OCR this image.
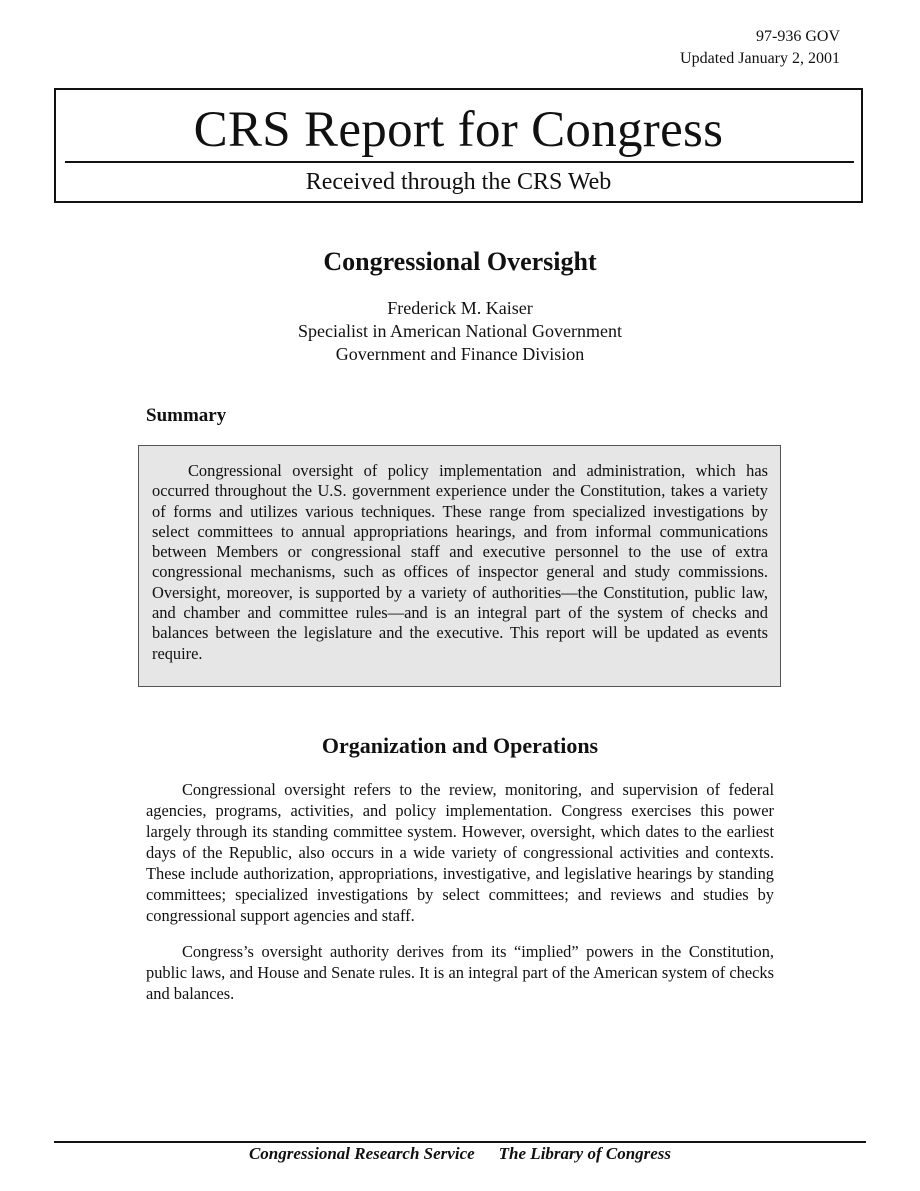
97-936 GOV
Updated January 2, 2001
CRS Report for Congress
Received through the CRS Web
Congressional Oversight
Frederick M. Kaiser
Specialist in American National Government
Government and Finance Division
Summary

Congressional oversight of policy implementation and administration, which has occurred throughout the U.S. government experience under the Constitution, takes a variety of forms and utilizes various techniques. These range from specialized investigations by select committees to annual appropriations hearings, and from informal communications between Members or congressional staff and executive personnel to the use of extra congressional mechanisms, such as offices of inspector general and study commissions. Oversight, moreover, is supported by a variety of authorities—the Constitution, public law, and chamber and committee rules—and is an integral part of the system of checks and balances between the legislature and the executive. This report will be updated as events require.

Organization and Operations

Congressional oversight refers to the review, monitoring, and supervision of federal agencies, programs, activities, and policy implementation. Congress exercises this power largely through its standing committee system. However, oversight, which dates to the earliest days of the Republic, also occurs in a wide variety of congressional activities and contexts. These include authorization, appropriations, investigative, and legislative hearings by standing committees; specialized investigations by select committees; and reviews and studies by congressional support agencies and staff.

Congress’s oversight authority derives from its “implied” powers in the Constitution, public laws, and House and Senate rules. It is an integral part of the American system of checks and balances.

Congressional Research Service The Library of Congress
